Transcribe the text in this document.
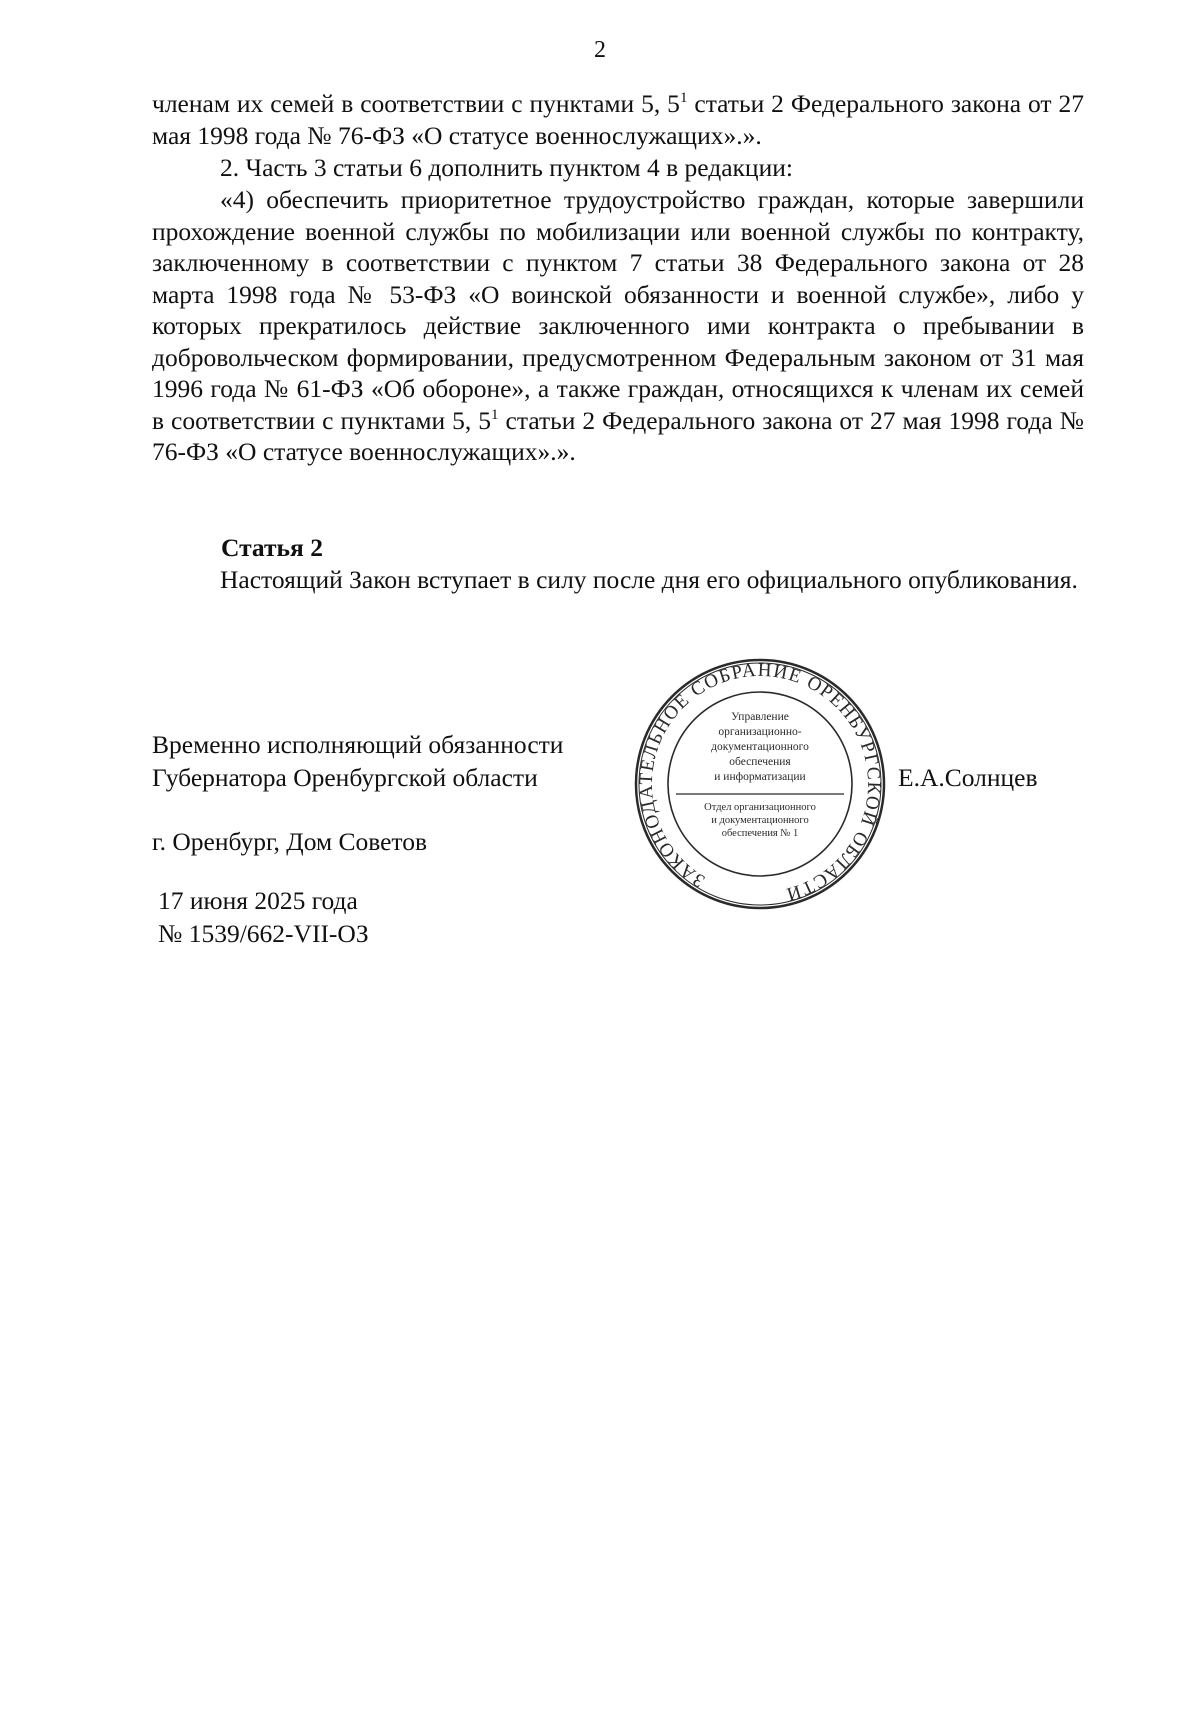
2

членам их семей в соответствии с пунктами 5, $5^1$ статьи 2 Федерального закона от 27 мая 1998 года № 76-ФЗ «О статусе военнослужащих».».

2. Часть 3 статьи 6 дополнить пунктом 4 в редакции:

«4) обеспечить приоритетное трудоустройство граждан, которые завершили прохождение военной службы по мобилизации или военной службы по контракту, заключенному в соответствии с пунктом 7 статьи 38 Федерального закона от 28 марта 1998 года № 53-ФЗ «О воинской обязанности и военной службе», либо у которых прекратилось действие заключенного ими контракта о пребывании в добровольческом формировании, предусмотренном Федеральным законом от 31 мая 1996 года № 61-ФЗ «Об обороне», а также граждан, относящихся к членам их семей в соответствии с пунктами 5, $5^1$ статьи 2 Федерального закона от 27 мая 1998 года № 76-ФЗ «О статусе военнослужащих».».

Статья 2

Настоящий Закон вступает в силу после дня его официального опубликования.

Временно исполняющий обязанности
Губернатора Оренбургской области	Е.А.Солнцев
г. Оренбург, Дом Советов
17 июня 2025 года
№ 1539/662-VII-ОЗ
ЗАКОНОДАТЕЛЬНОЕ СОБРАНИЕ ОРЕНБУРГСКОЙ ОБЛАСТИ
Управление
организационно-
документационного
обеспечения
и информатизации
Отдел организационного
и документационного
обеспечения № 1
